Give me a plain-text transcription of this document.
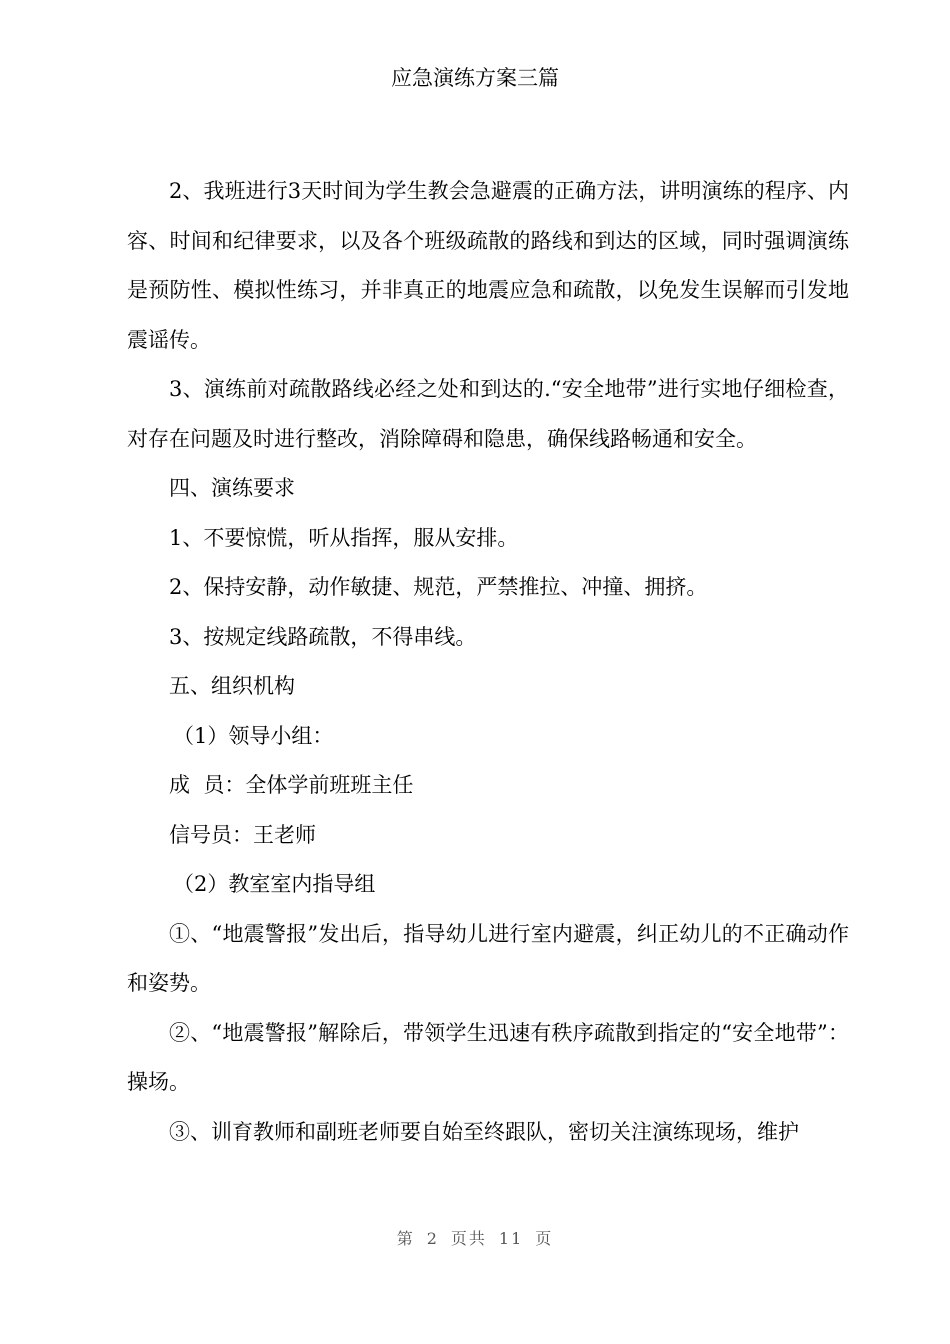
应急演练方案三篇

2、我班进行3天时间为学生教会急避震的正确方法，讲明演练的程序、内容、时间和纪律要求，以及各个班级疏散的路线和到达的区域，同时强调演练是预防性、模拟性练习，并非真正的地震应急和疏散，以免发生误解而引发地震谣传。

3、演练前对疏散路线必经之处和到达的.“安全地带”进行实地仔细检查，对存在问题及时进行整改，消除障碍和隐患，确保线路畅通和安全。

四、演练要求

1、不要惊慌，听从指挥，服从安排。

2、保持安静，动作敏捷、规范，严禁推拉、冲撞、拥挤。

3、按规定线路疏散，不得串线。

五、组织机构

（1）领导小组：

成  员：全体学前班班主任

信号员：王老师

（2）教室室内指导组

①、“地震警报”发出后，指导幼儿进行室内避震，纠正幼儿的不正确动作和姿势。

②、“地震警报”解除后，带领学生迅速有秩序疏散到指定的“安全地带”：操场。

③、训育教师和副班老师要自始至终跟队，密切关注演练现场，维护

第 2 页共 11 页
